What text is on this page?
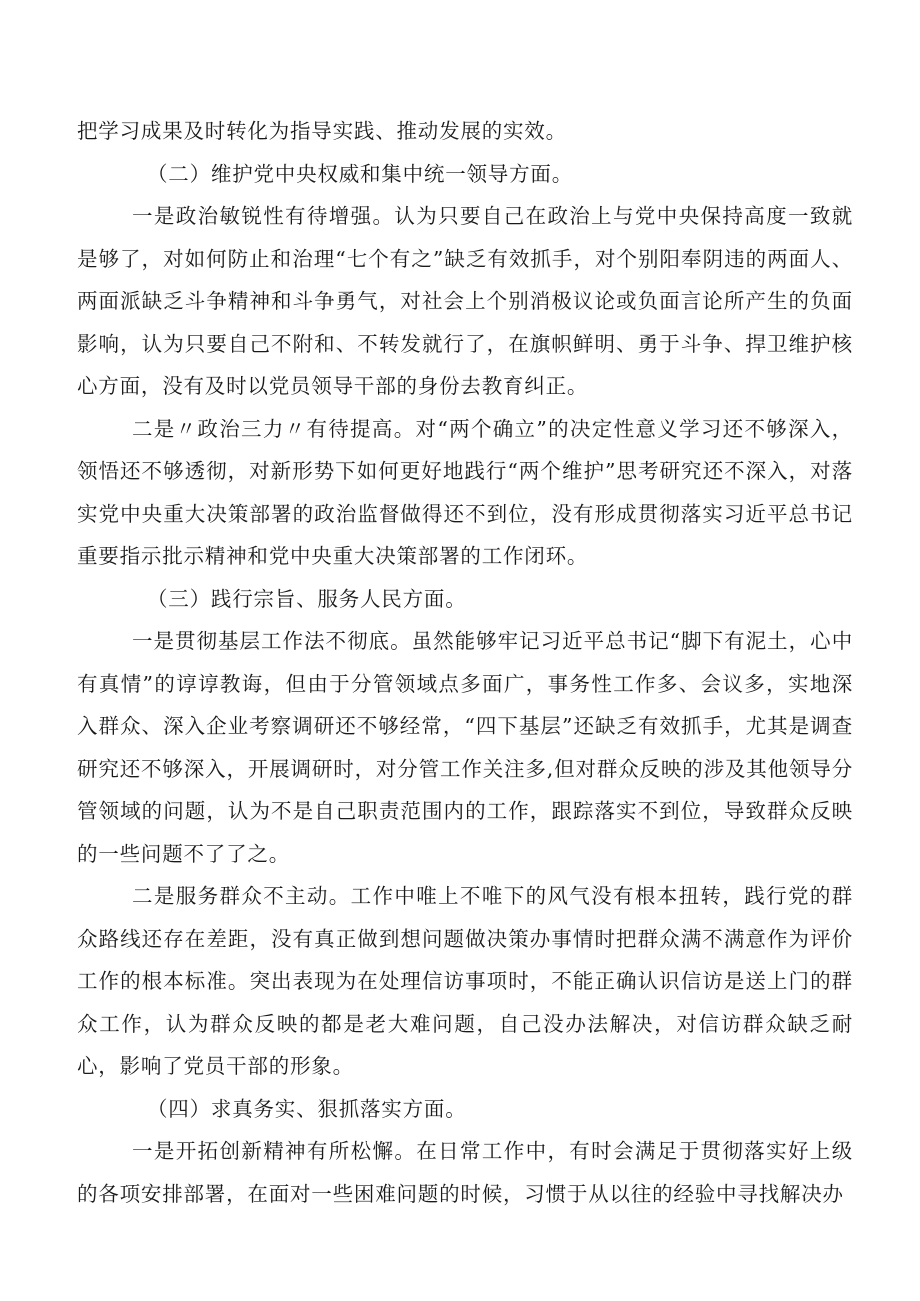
把学习成果及时转化为指导实践、推动发展的实效。

（二）维护党中央权威和集中统一领导方面。

一是政治敏锐性有待增强。认为只要自己在政治上与党中央保持高度一致就是够了，对如何防止和治理“七个有之”缺乏有效抓手，对个别阳奉阴违的两面人、两面派缺乏斗争精神和斗争勇气，对社会上个别消极议论或负面言论所产生的负面影响，认为只要自己不附和、不转发就行了，在旗帜鲜明、勇于斗争、捍卫维护核心方面，没有及时以党员领导干部的身份去教育纠正。

二是〃政治三力〃有待提高。对“两个确立”的决定性意义学习还不够深入，领悟还不够透彻，对新形势下如何更好地践行“两个维护”思考研究还不深入，对落实党中央重大决策部署的政治监督做得还不到位，没有形成贯彻落实习近平总书记重要指示批示精神和党中央重大决策部署的工作闭环。

（三）践行宗旨、服务人民方面。

一是贯彻基层工作法不彻底。虽然能够牢记习近平总书记“脚下有泥土，心中有真情”的谆谆教诲，但由于分管领域点多面广，事务性工作多、会议多，实地深入群众、深入企业考察调研还不够经常，“四下基层”还缺乏有效抓手，尤其是调查研究还不够深入，开展调研时，对分管工作关注多,但对群众反映的涉及其他领导分管领域的问题，认为不是自己职责范围内的工作，跟踪落实不到位，导致群众反映的一些问题不了了之。

二是服务群众不主动。工作中唯上不唯下的风气没有根本扭转，践行党的群众路线还存在差距，没有真正做到想问题做决策办事情时把群众满不满意作为评价工作的根本标准。突出表现为在处理信访事项时，不能正确认识信访是送上门的群众工作，认为群众反映的都是老大难问题，自己没办法解决，对信访群众缺乏耐心，影响了党员干部的形象。

（四）求真务实、狠抓落实方面。

一是开拓创新精神有所松懈。在日常工作中，有时会满足于贯彻落实好上级的各项安排部署，在面对一些困难问题的时候，习惯于从以往的经验中寻找解决办
